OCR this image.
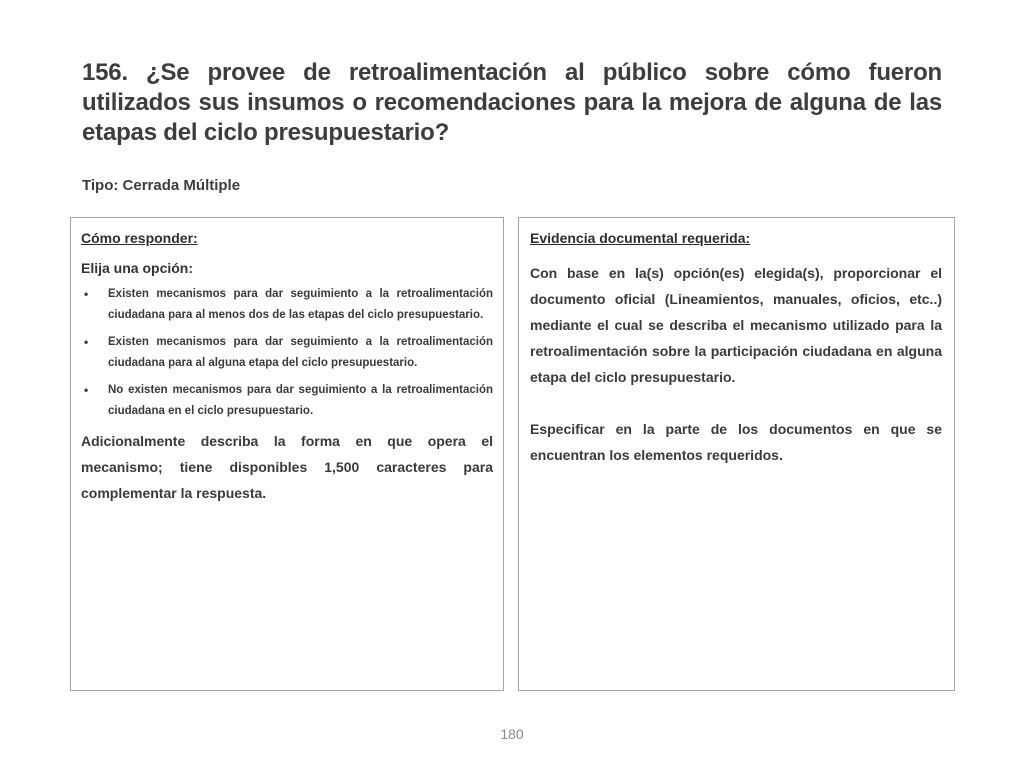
156. ¿Se provee de retroalimentación al público sobre cómo fueron utilizados sus insumos o recomendaciones para la mejora de alguna de las etapas del ciclo presupuestario?
Tipo: Cerrada Múltiple
Cómo responder:
Elija una opción:
• Existen mecanismos para dar seguimiento a la retroalimentación ciudadana para al menos dos de las etapas del ciclo presupuestario.
• Existen mecanismos para dar seguimiento a la retroalimentación ciudadana para al alguna etapa del ciclo presupuestario.
• No existen mecanismos para dar seguimiento a la retroalimentación ciudadana en el ciclo presupuestario.

Adicionalmente describa la forma en que opera el mecanismo; tiene disponibles 1,500 caracteres para complementar la respuesta.

Evidencia documental requerida:

Con base en la(s) opción(es) elegida(s), proporcionar el documento oficial (Lineamientos, manuales, oficios, etc..) mediante el cual se describa el mecanismo utilizado para la retroalimentación sobre la participación ciudadana en alguna etapa del ciclo presupuestario.

Especificar en la parte de los documentos en que se encuentran los elementos requeridos.

180
